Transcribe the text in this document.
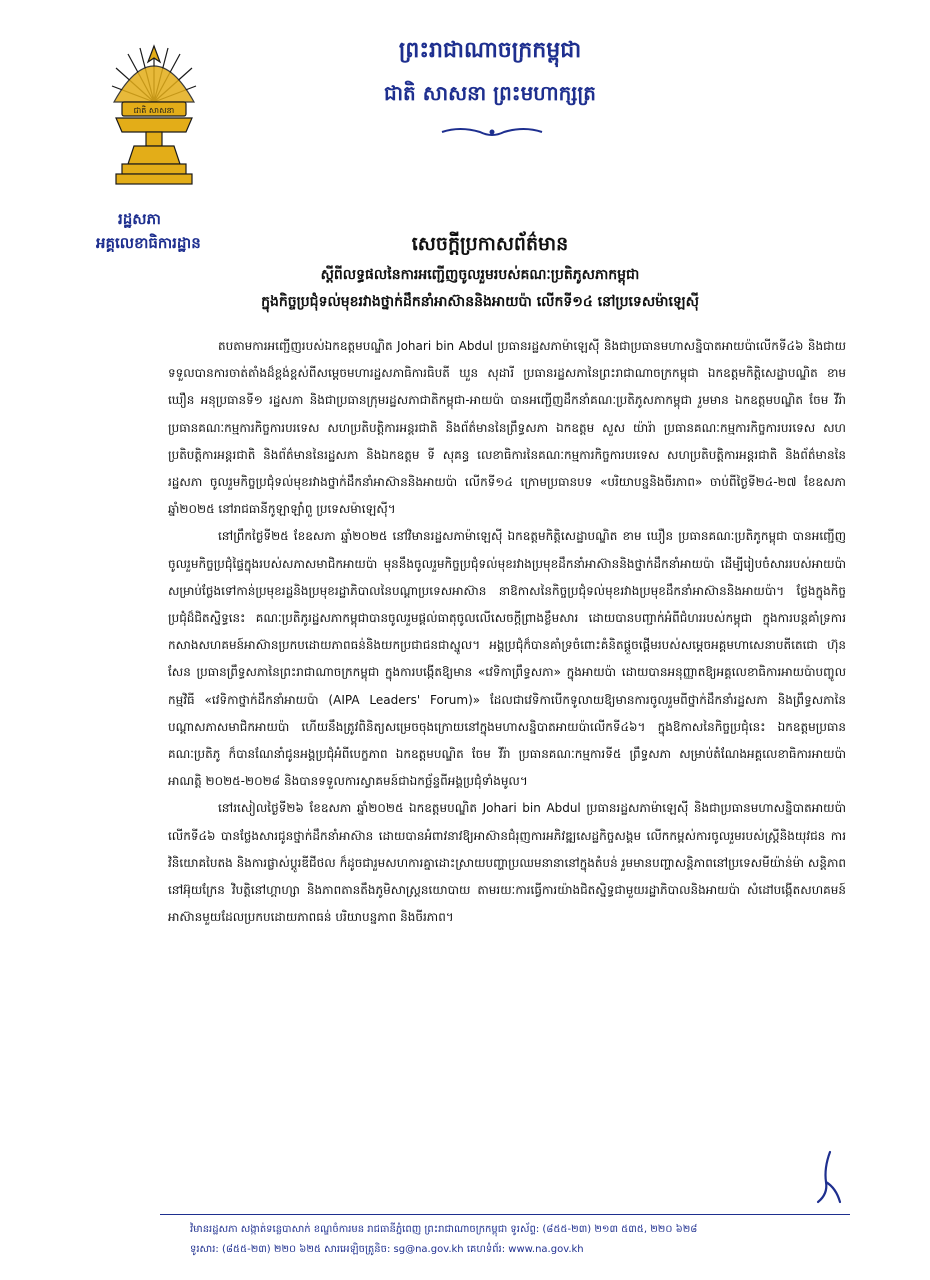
ជាតិ សាសនា
រដ្ឋសភា
អគ្គលេខាធិការដ្ឋាន
ព្រះរាជាណាចក្រកម្ពុជា
ជាតិ សាសនា ព្រះមហាក្សត្រ
សេចក្តីប្រកាសព័ត៌មាន
ស្តីពីលទ្ធផលនៃការអញ្ជើញចូលរួមរបស់គណៈប្រតិភូសភាកម្ពុជា
ក្នុងកិច្ចប្រជុំទល់មុខរវាងថ្នាក់ដឹកនាំអាស៊ាននិងអាយប៉ា លើកទី១៤ នៅប្រទេសម៉ាឡេស៊ី

តបតាមការអញ្ជើញរបស់ឯកឧត្តមបណ្ឌិត Johari bin Abdul ប្រធានរដ្ឋសភាម៉ាឡេស៊ី និងជាប្រធានមហាសន្និបាតអាយប៉ាលើកទី៤៦ និងជាយទទួលបានការចាត់តាំងដ៏ខ្ពង់ខ្ពស់ពីសម្តេចមហារដ្ឋសភាធិការធិបតី ឃួន សុដារី ប្រធានរដ្ឋសភានៃព្រះរាជាណាចក្រកម្ពុជា ឯកឧត្តមកិត្តិសេដ្ឋាបណ្ឌិត ខាម ឃឿន អនុប្រធានទី១ រដ្ឋសភា និងជាប្រធានក្រុមរដ្ឋសភាជាតិកម្ពុជា-អាយប៉ា បានអញ្ជើញដឹកនាំគណៈប្រតិភូសភាកម្ពុជា រួមមាន ឯកឧត្តមបណ្ឌិត ចែម វីរ៉ា ប្រធានគណៈកម្មការកិច្ចការបរទេស សហប្រតិបត្តិការអន្តរជាតិ និងព័ត៌មាននៃព្រឹទ្ធសភា ឯកឧត្តម សួស យ៉ារ៉ា ប្រធានគណៈកម្មការកិច្ចការបរទេស សហប្រតិបត្តិការអន្តរជាតិ និងព័ត៌មាននៃរដ្ឋសភា និងឯកឧត្តម ទី សុគន្ធ លេខាធិការនៃគណៈកម្មការកិច្ចការបរទេស សហប្រតិបត្តិការអន្តរជាតិ និងព័ត៌មាននៃរដ្ឋសភា ចូលរួមកិច្ចប្រជុំទល់មុខរវាងថ្នាក់ដឹកនាំអាស៊ាននិងអាយប៉ា លើកទី១៤ ក្រោមប្រធានបទ «បរិយាបន្ននិងចីរភាព» ចាប់ពីថ្ងៃទី២៤-២៧ ខែឧសភា ឆ្នាំ២០២៥ នៅរាជធានីកូឡាឡាំពួ ប្រទេសម៉ាឡេស៊ី។

នៅព្រឹកថ្ងៃទី២៥ ខែឧសភា ឆ្នាំ២០២៥ នៅវិមានរដ្ឋសភាម៉ាឡេស៊ី ឯកឧត្តមកិត្តិសេដ្ឋាបណ្ឌិត ខាម ឃឿន ប្រធានគណៈប្រតិភូកម្ពុជា បានអញ្ជើញចូលរួមកិច្ចប្រជុំផ្ទៃក្នុងរបស់សភាសមាជិកអាយប៉ា មុននឹងចូលរួមកិច្ចប្រជុំទល់មុខរវាងប្រមុខដឹកនាំអាស៊ាននិងថ្នាក់ដឹកនាំអាយប៉ា ដើម្បីរៀបចំសាររបស់អាយប៉ាសម្រាប់ថ្លែងទៅកាន់ប្រមុខរដ្ឋនិងប្រមុខរដ្ឋាភិបាលនៃបណ្តាប្រទេសអាស៊ាន នាឱកាសនៃកិច្ចប្រជុំទល់មុខរវាងប្រមុខដឹកនាំអាស៊ាននិងអាយប៉ា។ ថ្លែងក្នុងកិច្ចប្រជុំដ៏ជិតស្និទ្ធនេះ គណៈប្រតិភូរដ្ឋសភាកម្ពុជាបានចូលរួមផ្តល់ធាតុចូលលើសេចក្តីព្រាងខ្លឹមសារ ដោយបានបញ្ជាក់អំពីជំហររបស់កម្ពុជា ក្នុងការបន្តគាំទ្រការកសាងសហគមន៍អាស៊ានប្រកបដោយភាពធន់និងយកប្រជាជនជាស្នូល។ អង្គប្រជុំក៏បានគាំទ្រចំពោះគំនិតផ្តួចផ្តើមរបស់សម្តេចអគ្គមហាសេនាបតីតេជោ ហ៊ុន សែន ប្រធានព្រឹទ្ធសភានៃព្រះរាជាណាចក្រកម្ពុជា ក្នុងការបង្កើតឱ្យមាន «វេទិកាព្រឹទ្ធសភា» ក្នុងអាយប៉ា ដោយបានអនុញ្ញាតឱ្យអគ្គលេខាធិការអាយប៉ាបញ្ចូលកម្មវិធី «វេទិកាថ្នាក់ដឹកនាំអាយប៉ា (AIPA Leaders' Forum)» ដែលជាវេទិកាបើកទូលាយឱ្យមានការចូលរួមពីថ្នាក់ដឹកនាំរដ្ឋសភា និងព្រឹទ្ធសភានៃបណ្តាសភាសមាជិកអាយប៉ា ហើយនឹងត្រូវពិនិត្យសម្រេចចុងក្រោយនៅក្នុងមហាសន្និបាតអាយប៉ាលើកទី៤៦។ ក្នុងឱកាសនៃកិច្ចប្រជុំនេះ ឯកឧត្តមប្រធានគណៈប្រតិភូ ក៏បានណែនាំជូនអង្គប្រជុំអំពីបេក្ខភាព ឯកឧត្តមបណ្ឌិត ចែម វីរ៉ា ប្រធានគណៈកម្មការទី៥ ព្រឹទ្ធសភា សម្រាប់តំណែងអគ្គលេខាធិការអាយប៉ា អាណត្តិ ២០២៥-២០២៨ និងបានទទួលការស្វាគមន៍ជាឯកច្ឆ័ន្ទពីអង្គប្រជុំទាំងមូល។

នៅរសៀលថ្ងៃទី២៦ ខែឧសភា ឆ្នាំ២០២៥ ឯកឧត្តមបណ្ឌិត Johari bin Abdul ប្រធានរដ្ឋសភាម៉ាឡេស៊ី និងជាប្រធានមហាសន្និបាតអាយប៉ាលើកទី៤៦ បានថ្លែងសារជូនថ្នាក់ដឹកនាំអាស៊ាន ដោយបានអំពាវនាវឱ្យអាស៊ានជំរុញការអភិវឌ្ឍសេដ្ឋកិច្ចសង្គម លើកកម្ពស់ការចូលរួមរបស់ស្ត្រីនិងយុវជន ការវិនិយោគបៃតង និងការផ្លាស់ប្តូរឌីជីថល ក៏ដូចជារួមសហការគ្នាដោះស្រាយបញ្ហាប្រឈមនានានៅក្នុងតំបន់ រួមមានបញ្ហាសន្តិភាពនៅប្រទេសមីយ៉ាន់ម៉ា សន្តិភាពនៅអ៊ុយក្រែន វិបត្តិនៅហ្គាហ្សា និងភាពតានតឹងភូមិសាស្ត្រនយោបាយ តាមរយៈការធ្វើការយ៉ាងជិតស្និទ្ធជាមួយរដ្ឋាភិបាលនិងអាយប៉ា សំដៅបង្កើតសហគមន៍អាស៊ានមួយដែលប្រកបដោយភាពធន់ បរិយាបន្នភាព និងចីរភាព។

វិមានរដ្ឋសភា សង្កាត់ទន្លេបាសាក់ ខណ្ឌចំការមន រាជធានីភ្នំពេញ ព្រះរាជាណាចក្រកម្ពុជា ទូរស័ព្ទ: (៨៥៥-២៣) ២១៣ ៥៣៥, ២២០ ៦២៨
ទូរសារ: (៨៥៥-២៣) ២២០ ៦២៥ សារអេឡិចត្រូនិច: sg@na.gov.kh គេហទំព័រ: www.na.gov.kh
